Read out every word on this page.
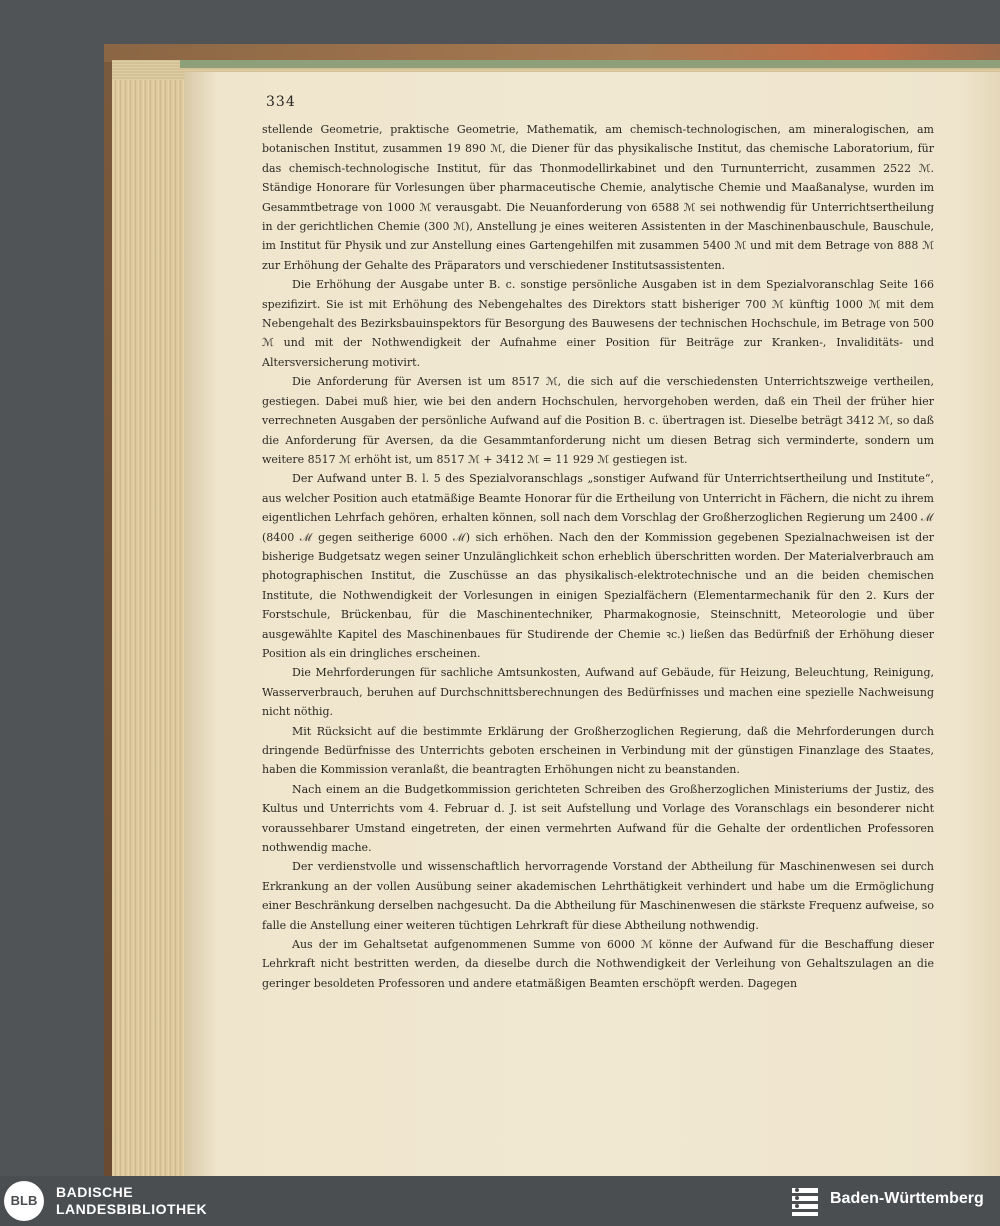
334

stellende Geometrie, praktische Geometrie, Mathematik, am chemisch-technologischen, am mineralogischen, am botanischen Institut, zusammen 19 890 ℳ, die Diener für das physikalische Institut, das chemische Laboratorium, für das chemisch-technologische Institut, für das Thonmodellirkabinet und den Turnunterricht, zusammen 2522 ℳ. Ständige Honorare für Vorlesungen über pharmaceutische Chemie, analytische Chemie und Maaßanalyse, wurden im Gesammtbetrage von 1000 ℳ verausgabt. Die Neuanforderung von 6588 ℳ sei nothwendig für Unterrichtsertheilung in der gerichtlichen Chemie (300 ℳ), Anstellung je eines weiteren Assistenten in der Maschinenbauschule, Bauschule, im Institut für Physik und zur Anstellung eines Gartengehilfen mit zusammen 5400 ℳ und mit dem Betrage von 888 ℳ zur Erhöhung der Gehalte des Präparators und verschiedener Institutsassistenten.

Die Erhöhung der Ausgabe unter B. c. sonstige persönliche Ausgaben ist in dem Spezialvoranschlag Seite 166 spezifizirt. Sie ist mit Erhöhung des Nebengehaltes des Direktors statt bisheriger 700 ℳ künftig 1000 ℳ mit dem Nebengehalt des Bezirksbauinspektors für Besorgung des Bauwesens der technischen Hochschule, im Betrage von 500 ℳ und mit der Nothwendigkeit der Aufnahme einer Position für Beiträge zur Kranken-, Invaliditäts- und Altersversicherung motivirt.

Die Anforderung für Aversen ist um 8517 ℳ, die sich auf die verschiedensten Unterrichtszweige vertheilen, gestiegen. Dabei muß hier, wie bei den andern Hochschulen, hervorgehoben werden, daß ein Theil der früher hier verrechneten Ausgaben der persönliche Aufwand auf die Position B. c. übertragen ist. Dieselbe beträgt 3412 ℳ, so daß die Anforderung für Aversen, da die Gesammtanforderung nicht um diesen Betrag sich verminderte, sondern um weitere 8517 ℳ erhöht ist, um 8517 ℳ + 3412 ℳ = 11 929 ℳ gestiegen ist.

Der Aufwand unter B. l. 5 des Spezialvoranschlags „sonstiger Aufwand für Unterrichtsertheilung und Institute“, aus welcher Position auch etatmäßige Beamte Honorar für die Ertheilung von Unterricht in Fächern, die nicht zu ihrem eigentlichen Lehrfach gehören, erhalten können, soll nach dem Vorschlag der Großherzoglichen Regierung um 2400 ℳ (8400 ℳ gegen seitherige 6000 ℳ) sich erhöhen. Nach den der Kommission gegebenen Spezialnachweisen ist der bisherige Budgetsatz wegen seiner Unzulänglichkeit schon erheblich überschritten worden. Der Materialverbrauch am photographischen Institut, die Zuschüsse an das physikalisch-elektrotechnische und an die beiden chemischen Institute, die Nothwendigkeit der Vorlesungen in einigen Spezialfächern (Elementarmechanik für den 2. Kurs der Forstschule, Brückenbau, für die Maschinentechniker, Pharmakognosie, Steinschnitt, Meteorologie und über ausgewählte Kapitel des Maschinenbaues für Studirende der Chemie ꝛc.) ließen das Bedürfniß der Erhöhung dieser Position als ein dringliches erscheinen.

Die Mehrforderungen für sachliche Amtsunkosten, Aufwand auf Gebäude, für Heizung, Beleuchtung, Reinigung, Wasserverbrauch, beruhen auf Durchschnittsberechnungen des Bedürfnisses und machen eine spezielle Nachweisung nicht nöthig.

Mit Rücksicht auf die bestimmte Erklärung der Großherzoglichen Regierung, daß die Mehrforderungen durch dringende Bedürfnisse des Unterrichts geboten erscheinen in Verbindung mit der günstigen Finanzlage des Staates, haben die Kommission veranlaßt, die beantragten Erhöhungen nicht zu beanstanden.

Nach einem an die Budgetkommission gerichteten Schreiben des Großherzoglichen Ministeriums der Justiz, des Kultus und Unterrichts vom 4. Februar d. J. ist seit Aufstellung und Vorlage des Voranschlags ein besonderer nicht voraussehbarer Umstand eingetreten, der einen vermehrten Aufwand für die Gehalte der ordentlichen Professoren nothwendig mache.

Der verdienstvolle und wissenschaftlich hervorragende Vorstand der Abtheilung für Maschinenwesen sei durch Erkrankung an der vollen Ausübung seiner akademischen Lehrthätigkeit verhindert und habe um die Ermöglichung einer Beschränkung derselben nachgesucht. Da die Abtheilung für Maschinenwesen die stärkste Frequenz aufweise, so falle die Anstellung einer weiteren tüchtigen Lehrkraft für diese Abtheilung nothwendig.

Aus der im Gehaltsetat aufgenommenen Summe von 6000 ℳ könne der Aufwand für die Beschaffung dieser Lehrkraft nicht bestritten werden, da dieselbe durch die Nothwendigkeit der Verleihung von Gehaltszulagen an die geringer besoldeten Professoren und andere etatmäßigen Beamten erschöpft werden. Dagegen

BLB
BADISCHE
LANDESBIBLIOTHEK
Baden-Württemberg
